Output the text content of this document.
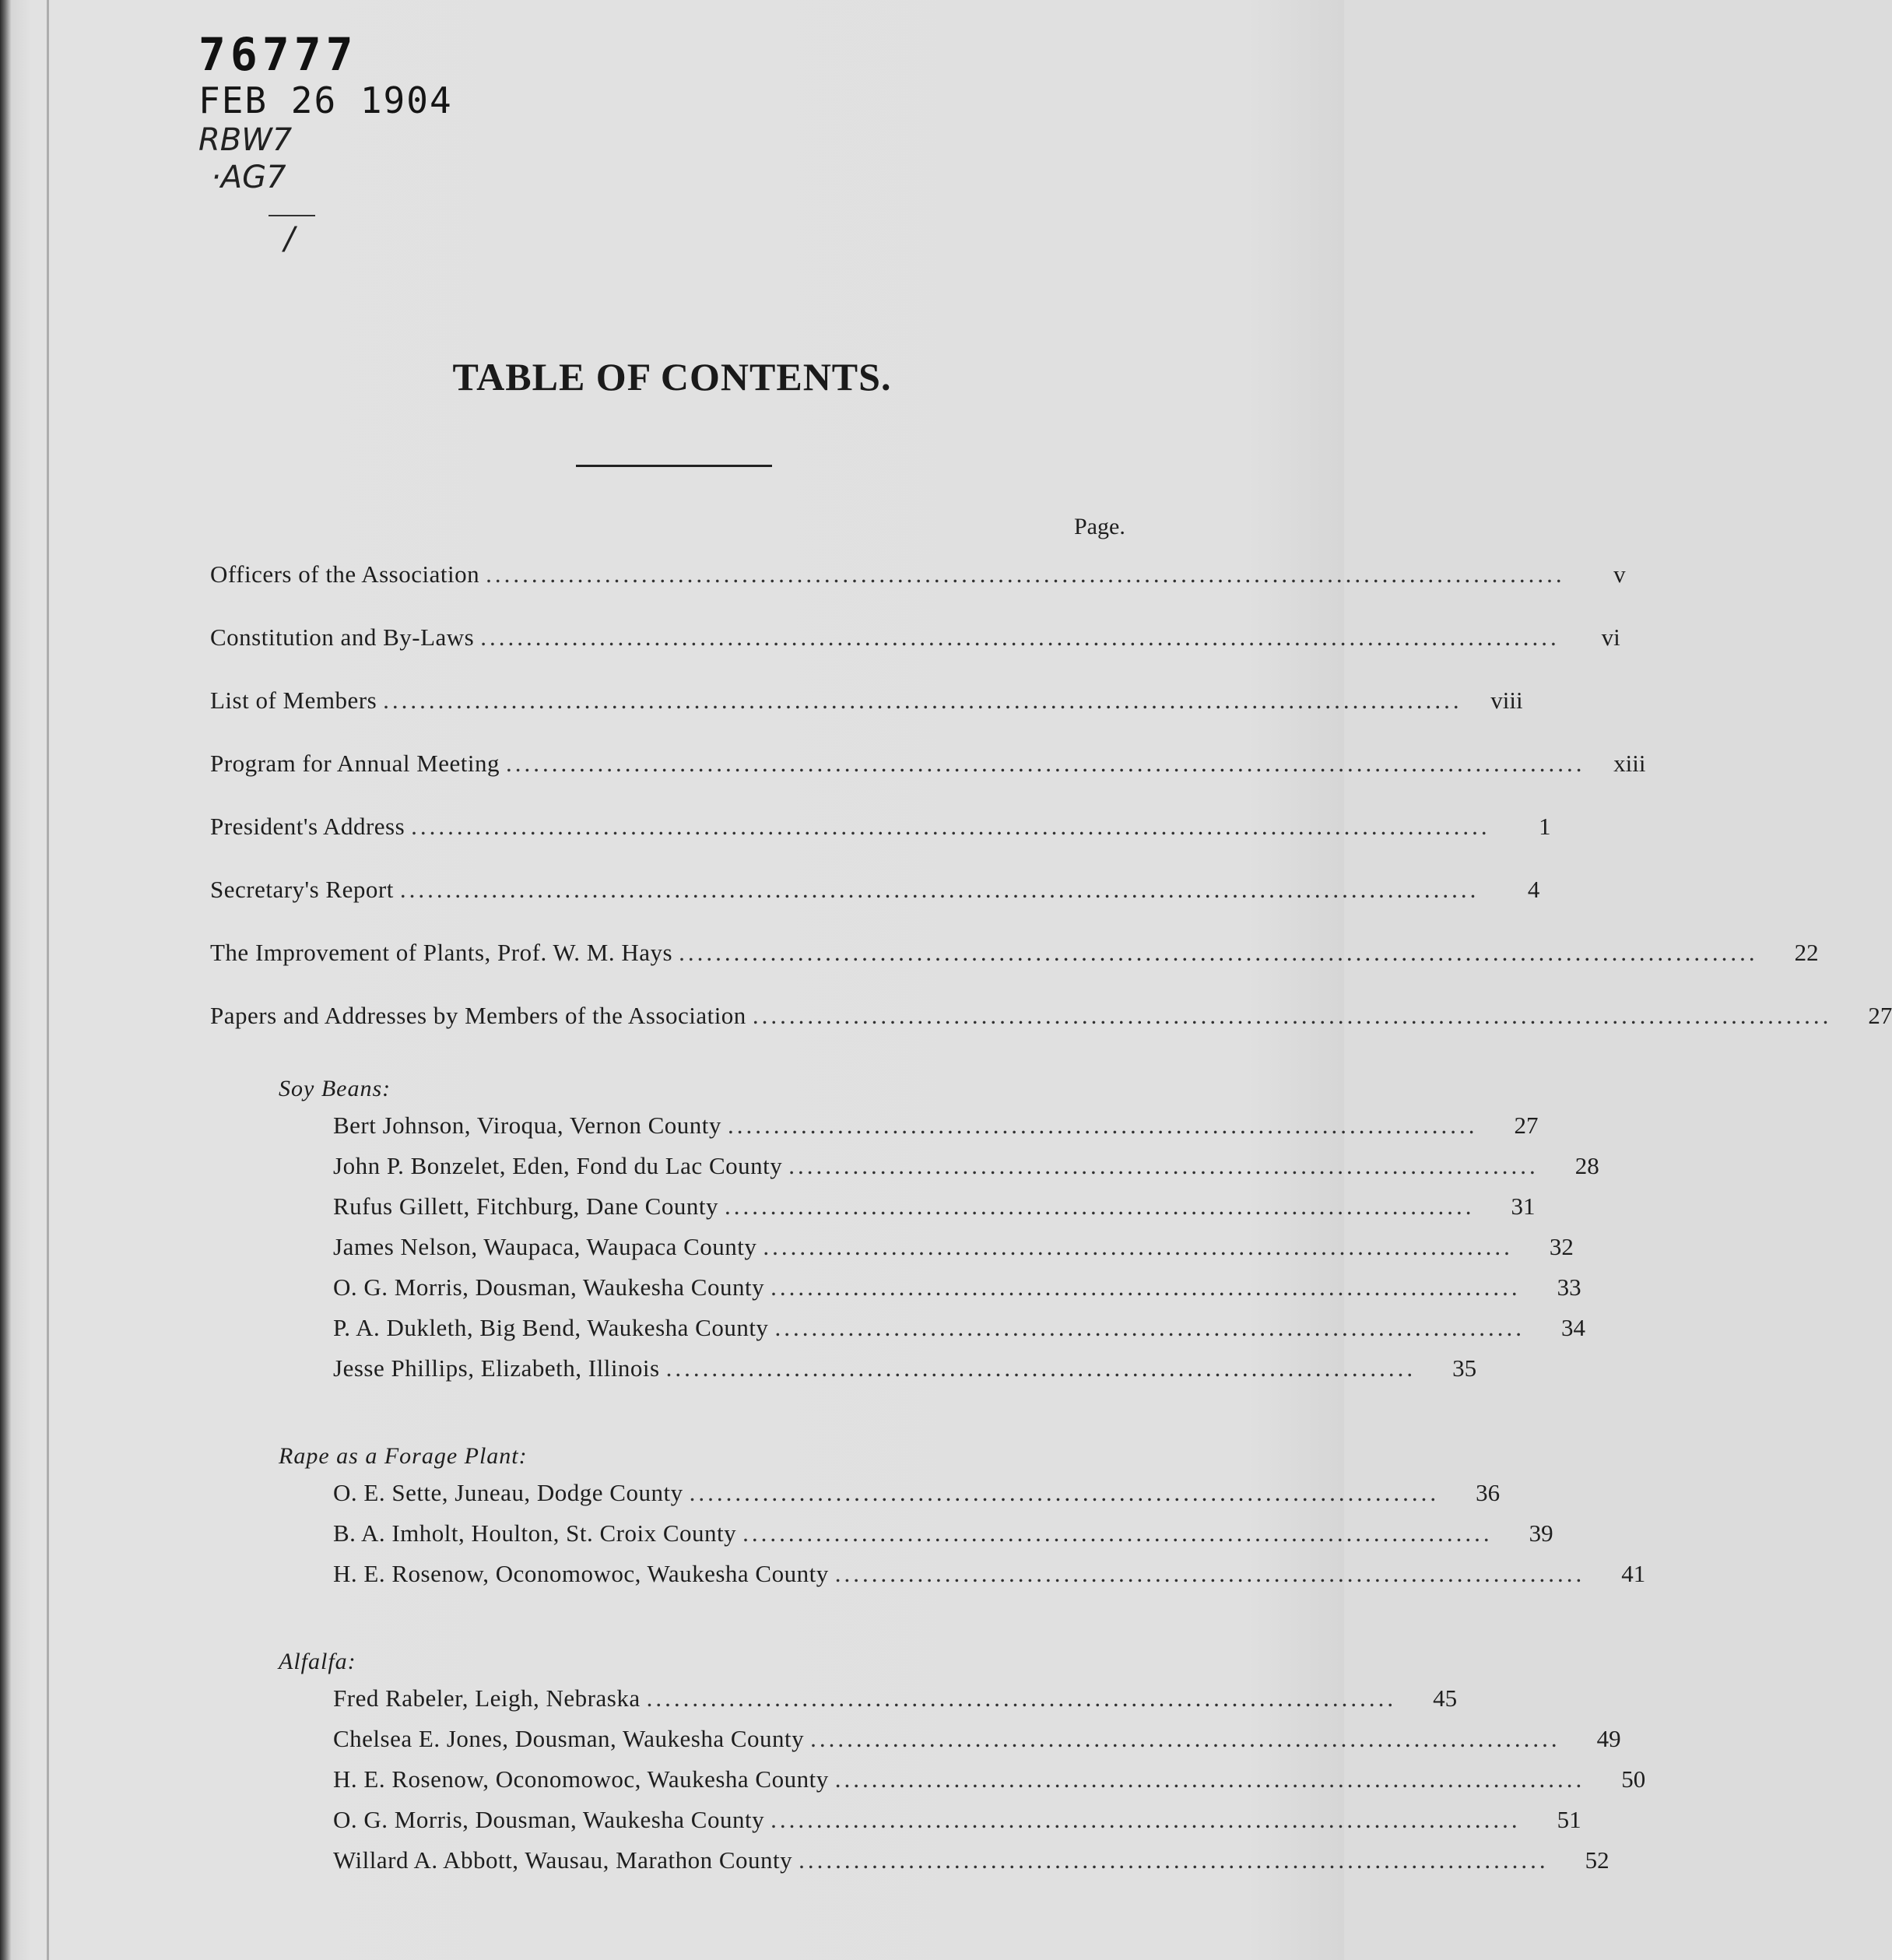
76777

FEB 26 1904

RBW7

·AG7

/

TABLE OF CONTENTS.
Page.
Officers of the Association ......................................................................................................................	v
Constitution and By-Laws ......................................................................................................................	vi
List of Members ......................................................................................................................	viii
Program for Annual Meeting ......................................................................................................................	xiii
President's Address ......................................................................................................................	1
Secretary's Report ......................................................................................................................	4
The Improvement of Plants, Prof. W. M. Hays ......................................................................................................................	22
Papers and Addresses by Members of the Association ......................................................................................................................	27
Soy Beans:
Bert Johnson, Viroqua, Vernon County ..................................................................................	27
John P. Bonzelet, Eden, Fond du Lac County ..................................................................................	28
Rufus Gillett, Fitchburg, Dane County ..................................................................................	31
James Nelson, Waupaca, Waupaca County ..................................................................................	32
O. G. Morris, Dousman, Waukesha County ..................................................................................	33
P. A. Dukleth, Big Bend, Waukesha County ..................................................................................	34
Jesse Phillips, Elizabeth, Illinois ..................................................................................	35
Rape as a Forage Plant:
O. E. Sette, Juneau, Dodge County ..................................................................................	36
B. A. Imholt, Houlton, St. Croix County ..................................................................................	39
H. E. Rosenow, Oconomowoc, Waukesha County ..................................................................................	41
Alfalfa:
Fred Rabeler, Leigh, Nebraska ..................................................................................	45
Chelsea E. Jones, Dousman, Waukesha County ..................................................................................	49
H. E. Rosenow, Oconomowoc, Waukesha County ..................................................................................	50
O. G. Morris, Dousman, Waukesha County ..................................................................................	51
Willard A. Abbott, Wausau, Marathon County ..................................................................................	52
